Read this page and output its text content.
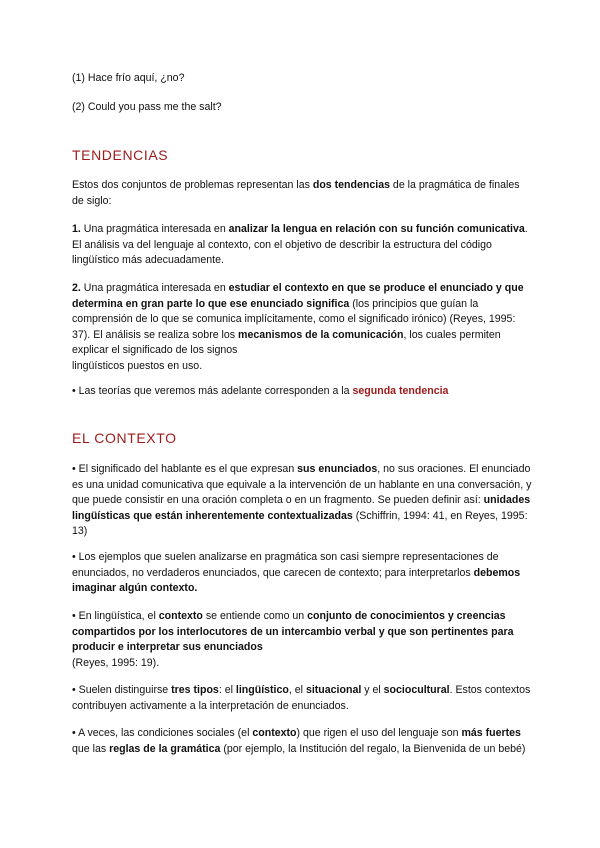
(1) Hace frío aquí, ¿no?

(2) Could you pass me the salt?

TENDENCIAS

Estos dos conjuntos de problemas representan las dos tendencias de la pragmática de finales de siglo:

1. Una pragmática interesada en analizar la lengua en relación con su función comunicativa. El análisis va del lenguaje al contexto, con el objetivo de describir la estructura del código lingüístico más adecuadamente.

2. Una pragmática interesada en estudiar el contexto en que se produce el enunciado y que determina en gran parte lo que ese enunciado significa (los principios que guían la comprensión de lo que se comunica implícitamente, como el significado irónico) (Reyes, 1995: 37). El análisis se realiza sobre los mecanismos de la comunicación, los cuales permiten explicar el significado de los signos
lingüísticos puestos en uso.

• Las teorías que veremos más adelante corresponden a la segunda tendencia

EL CONTEXTO

• El significado del hablante es el que expresan sus enunciados, no sus oraciones. El enunciado es una unidad comunicativa que equivale a la intervención de un hablante en una conversación, y que puede consistir en una oración completa o en un fragmento. Se pueden definir así: unidades lingüísticas que están inherentemente contextualizadas (Schiffrin, 1994: 41, en Reyes, 1995: 13)

• Los ejemplos que suelen analizarse en pragmática son casi siempre representaciones de enunciados, no verdaderos enunciados, que carecen de contexto; para interpretarlos debemos imaginar algún contexto.

• En lingüística, el contexto se entiende como un conjunto de conocimientos y creencias compartidos por los interlocutores de un intercambio verbal y que son pertinentes para producir e interpretar sus enunciados
(Reyes, 1995: 19).

• Suelen distinguirse tres tipos: el lingüístico, el situacional y el sociocultural. Estos contextos contribuyen activamente a la interpretación de enunciados.

• A veces, las condiciones sociales (el contexto) que rigen el uso del lenguaje son más fuertes que las reglas de la gramática (por ejemplo, la Institución del regalo, la Bienvenida de un bebé)
